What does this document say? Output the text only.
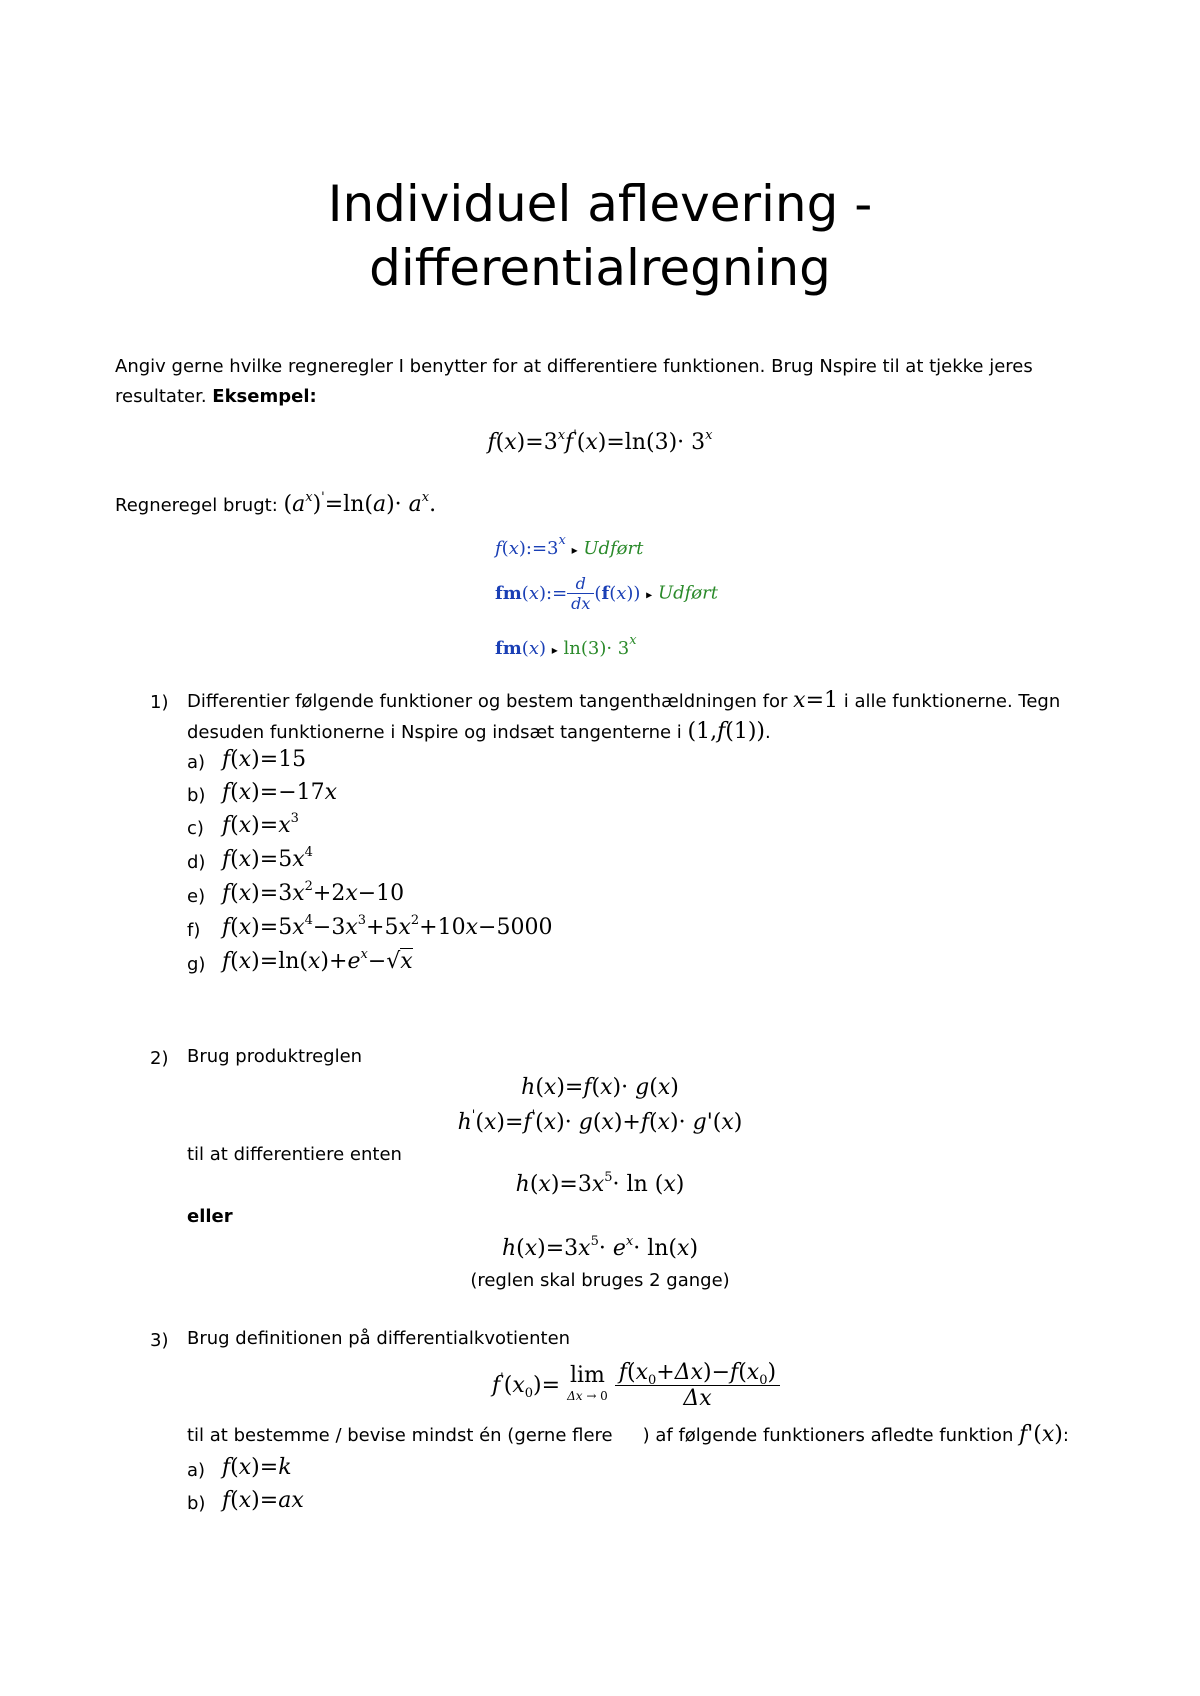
Individuel aflevering -
differentialregning
Angiv gerne hvilke regneregler I benytter for at differentiere funktionen. Brug Nspire til at tjekke jeres
resultater. Eksempel:
$f(x)=3^xf'(x)=\ln(3)\cdot 3^x$
Regneregel brugt: $(a^x)'=\ln(a)\cdot a^x$.
$f(x):=3^x$ ▸ Udført
fm(x):= $\frac{d}{dx} (f(x))$ ▸ Udført
fm(x) ▸ $\ln(3)\cdot 3^x$
1) Differentier følgende funktioner og bestem tangenthældningen for x=1 i alle funktionerne. Tegn
desuden funktionerne i Nspire og indsæt tangenterne i (1,f(1)).
a) f(x)=15
b) f(x)=−17x
c) $f(x)=x^3$
d) $f(x)=5x^4$
e) $f(x)=3x^2+2x-10$
f) $f(x)=5x^4-3x^3+5x^2+10x-5000$
g) $f(x)=\ln(x)+e^x-√x$
2) Brug produktreglen
h(x)=f(x)· g(x)
h'(x)=f'(x)· g(x)+f(x)· g'(x)
til at differentiere enten
$h(x)=3x^5\cdot \ln (x)$
eller
$h(x)=3x^5\cdot e^x\cdot \ln(x)$
(reglen skal bruges 2 gange)
3) Brug definitionen på differentialkvotienten
$f'(x_0)= \lim$
$\Delta x \to 0 \frac{f(x_0+\Delta x)-f(x_0)}{\Delta x}$
til at bestemme / bevise mindst én (gerne flere ) af følgende funktioners afledte funktion f'(x):
a) f(x)=k
b) f(x)=ax
